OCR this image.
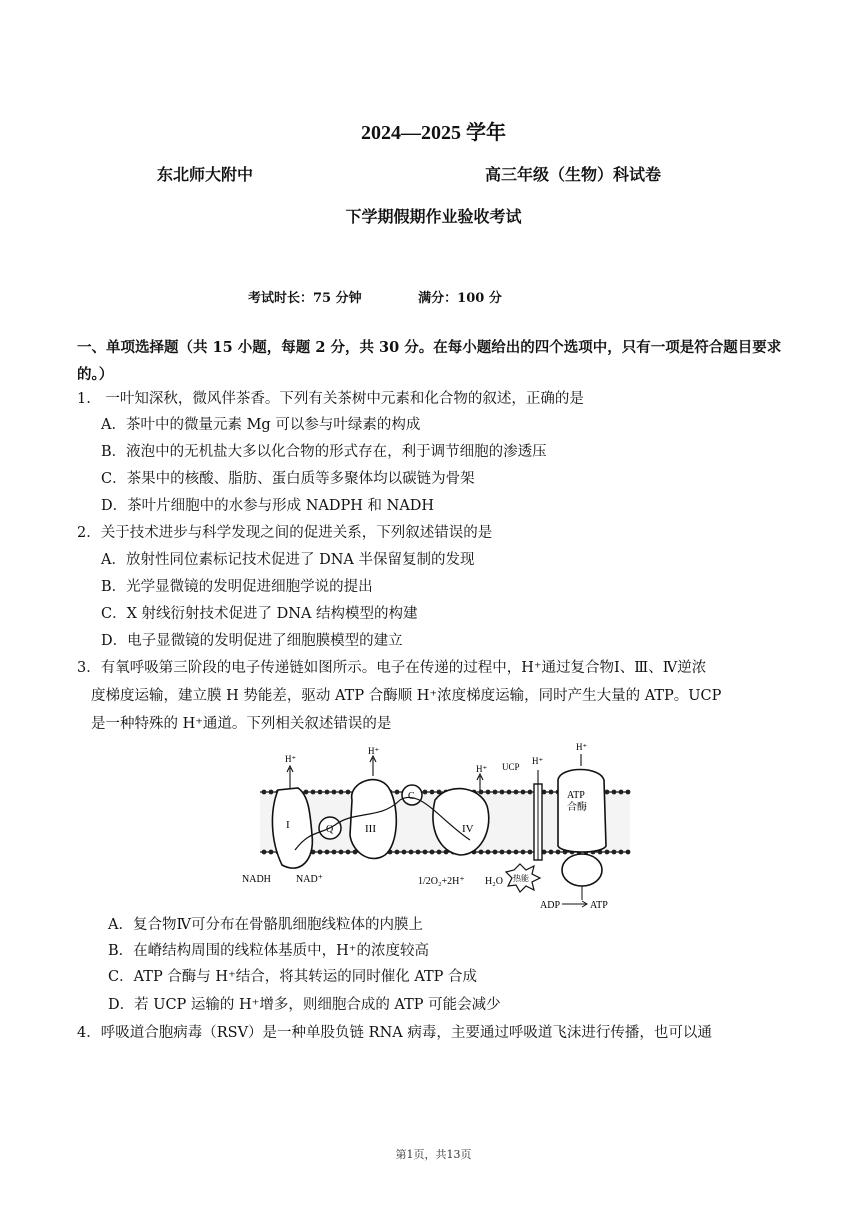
2024—2025 学年
东北师大附中	高三年级（生物）科试卷
下学期假期作业验收考试
考试时长：75 分钟	满分：100 分
一、单项选择题（共 15 小题，每题 2 分，共 30 分。在每小题给出的四个选项中，只有一项是符合题目要求的。）
1.　一叶知深秋，微风伴茶香。下列有关茶树中元素和化合物的叙述，正确的是
A．茶叶中的微量元素 Mg 可以参与叶绿素的构成
B．液泡中的无机盐大多以化合物的形式存在，利于调节细胞的渗透压
C．茶果中的核酸、脂肪、蛋白质等多聚体均以碳链为骨架
D．茶叶片细胞中的水参与形成 NADPH 和 NADH
2．关于技术进步与科学发现之间的促进关系，下列叙述错误的是
A．放射性同位素标记技术促进了 DNA 半保留复制的发现
B．光学显微镜的发明促进细胞学说的提出
C．X 射线衍射技术促进了 DNA 结构模型的构建
D．电子显微镜的发明促进了细胞膜模型的建立
3．有氧呼吸第三阶段的电子传递链如图所示。电子在传递的过程中，H⁺通过复合物Ⅰ、Ⅲ、Ⅳ逆浓
度梯度运输，建立膜 H 势能差，驱动 ATP 合酶顺 H⁺浓度梯度运输，同时产生大量的 ATP。UCP
是一种特殊的 H⁺通道。下列相关叙述错误的是
I	Q	III
C
IV
ATP 合酶
热能
H⁺
H⁺
H⁺
H⁺
H⁺
UCP
NADH	NAD⁺	1/2O₂+2H⁺ H₂O
ADP	ATP
A．复合物Ⅳ可分布在骨骼肌细胞线粒体的内膜上
B．在嵴结构周围的线粒体基质中，H⁺的浓度较高
C．ATP 合酶与 H⁺结合，将其转运的同时催化 ATP 合成
D．若 UCP 运输的 H⁺增多，则细胞合成的 ATP 可能会减少
4．呼吸道合胞病毒（RSV）是一种单股负链 RNA 病毒，主要通过呼吸道飞沫进行传播，也可以通
第1页，共13页
